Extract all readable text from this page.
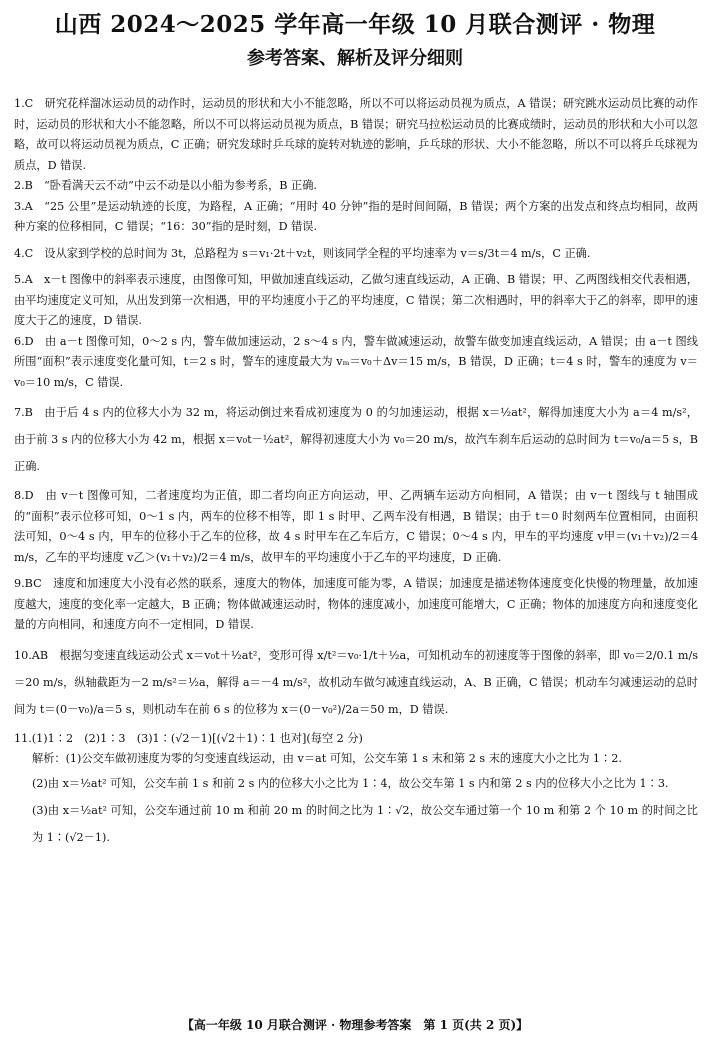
山西 2024～2025 学年高一年级 10 月联合测评 · 物理
参考答案、解析及评分细则

1.C　研究花样溜冰运动员的动作时，运动员的形状和大小不能忽略，所以不可以将运动员视为质点，A 错误；研究跳水运动员比赛的动作时，运动员的形状和大小不能忽略，所以不可以将运动员视为质点，B 错误；研究马拉松运动员的比赛成绩时，运动员的形状和大小可以忽略，故可以将运动员视为质点，C 正确；研究发球时乒乓球的旋转对轨迹的影响，乒乓球的形状、大小不能忽略，所以不可以将乒乓球视为质点，D 错误.

2.B　“卧看满天云不动”中云不动是以小船为参考系，B 正确.

3.A　“25 公里”是运动轨迹的长度，为路程，A 正确；“用时 40 分钟”指的是时间间隔，B 错误；两个方案的出发点和终点均相同，故两种方案的位移相同，C 错误；“16：30”指的是时刻，D 错误.

4.C　设从家到学校的总时间为 3t，总路程为 s＝v₁·2t＋v₂t，则该同学全程的平均速率为 v＝s/3t＝4 m/s，C 正确.

5.A　x－t 图像中的斜率表示速度，由图像可知，甲做加速直线运动，乙做匀速直线运动，A 正确、B 错误；甲、乙两图线相交代表相遇，由平均速度定义可知，从出发到第一次相遇，甲的平均速度小于乙的平均速度，C 错误；第二次相遇时，甲的斜率大于乙的斜率，即甲的速度大于乙的速度，D 错误.

6.D　由 a－t 图像可知，0～2 s 内，警车做加速运动，2 s～4 s 内，警车做减速运动，故警车做变加速直线运动，A 错误；由 a－t 图线所围“面积”表示速度变化量可知，t＝2 s 时，警车的速度最大为 vₘ＝v₀＋Δv＝15 m/s，B 错误，D 正确；t＝4 s 时，警车的速度为 v＝v₀＝10 m/s，C 错误.

7.B　由于后 4 s 内的位移大小为 32 m，将运动倒过来看成初速度为 0 的匀加速运动，根据 x＝½at²，解得加速度大小为 a＝4 m/s²，由于前 3 s 内的位移大小为 42 m，根据 x＝v₀t－½at²，解得初速度大小为 v₀＝20 m/s，故汽车刹车后运动的总时间为 t＝v₀/a＝5 s，B 正确.

8.D　由 v－t 图像可知，二者速度均为正值，即二者均向正方向运动，甲、乙两辆车运动方向相同，A 错误；由 v－t 图线与 t 轴围成的“面积”表示位移可知，0～1 s 内，两车的位移不相等，即 1 s 时甲、乙两车没有相遇，B 错误；由于 t＝0 时刻两车位置相同，由面积法可知，0～4 s 内，甲车的位移小于乙车的位移，故 4 s 时甲车在乙车后方，C 错误；0～4 s 内，甲车的平均速度 v甲＝(v₁＋v₂)/2＝4 m/s，乙车的平均速度 v乙＞(v₁＋v₂)/2＝4 m/s，故甲车的平均速度小于乙车的平均速度，D 正确.

9.BC　速度和加速度大小没有必然的联系，速度大的物体，加速度可能为零，A 错误；加速度是描述物体速度变化快慢的物理量，故加速度越大，速度的变化率一定越大，B 正确；物体做减速运动时，物体的速度减小，加速度可能增大，C 正确；物体的加速度方向和速度变化量的方向相同，和速度方向不一定相同，D 错误.

10.AB　根据匀变速直线运动公式 x＝v₀t＋½at²，变形可得 x/t²＝v₀·1/t＋½a，可知机动车的初速度等于图像的斜率，即 v₀＝2/0.1 m/s＝20 m/s，纵轴截距为－2 m/s²＝½a，解得 a＝－4 m/s²，故机动车做匀减速直线运动，A、B 正确，C 错误；机动车匀减速运动的总时间为 t＝(0－v₀)/a＝5 s，则机动车在前 6 s 的位移为 x＝(0－v₀²)/2a＝50 m，D 错误.

11.(1)1∶2　(2)1∶3　(3)1∶(√2－1)[(√2＋1)∶1 也对](每空 2 分)

解析：(1)公交车做初速度为零的匀变速直线运动，由 v＝at 可知，公交车第 1 s 末和第 2 s 末的速度大小之比为 1∶2.

(2)由 x＝½at² 可知，公交车前 1 s 和前 2 s 内的位移大小之比为 1∶4，故公交车第 1 s 内和第 2 s 内的位移大小之比为 1∶3.

(3)由 x＝½at² 可知，公交车通过前 10 m 和前 20 m 的时间之比为 1∶√2，故公交车通过第一个 10 m 和第 2 个 10 m 的时间之比为 1∶(√2－1).

【高一年级 10 月联合测评 · 物理参考答案　第 1 页(共 2 页)】
